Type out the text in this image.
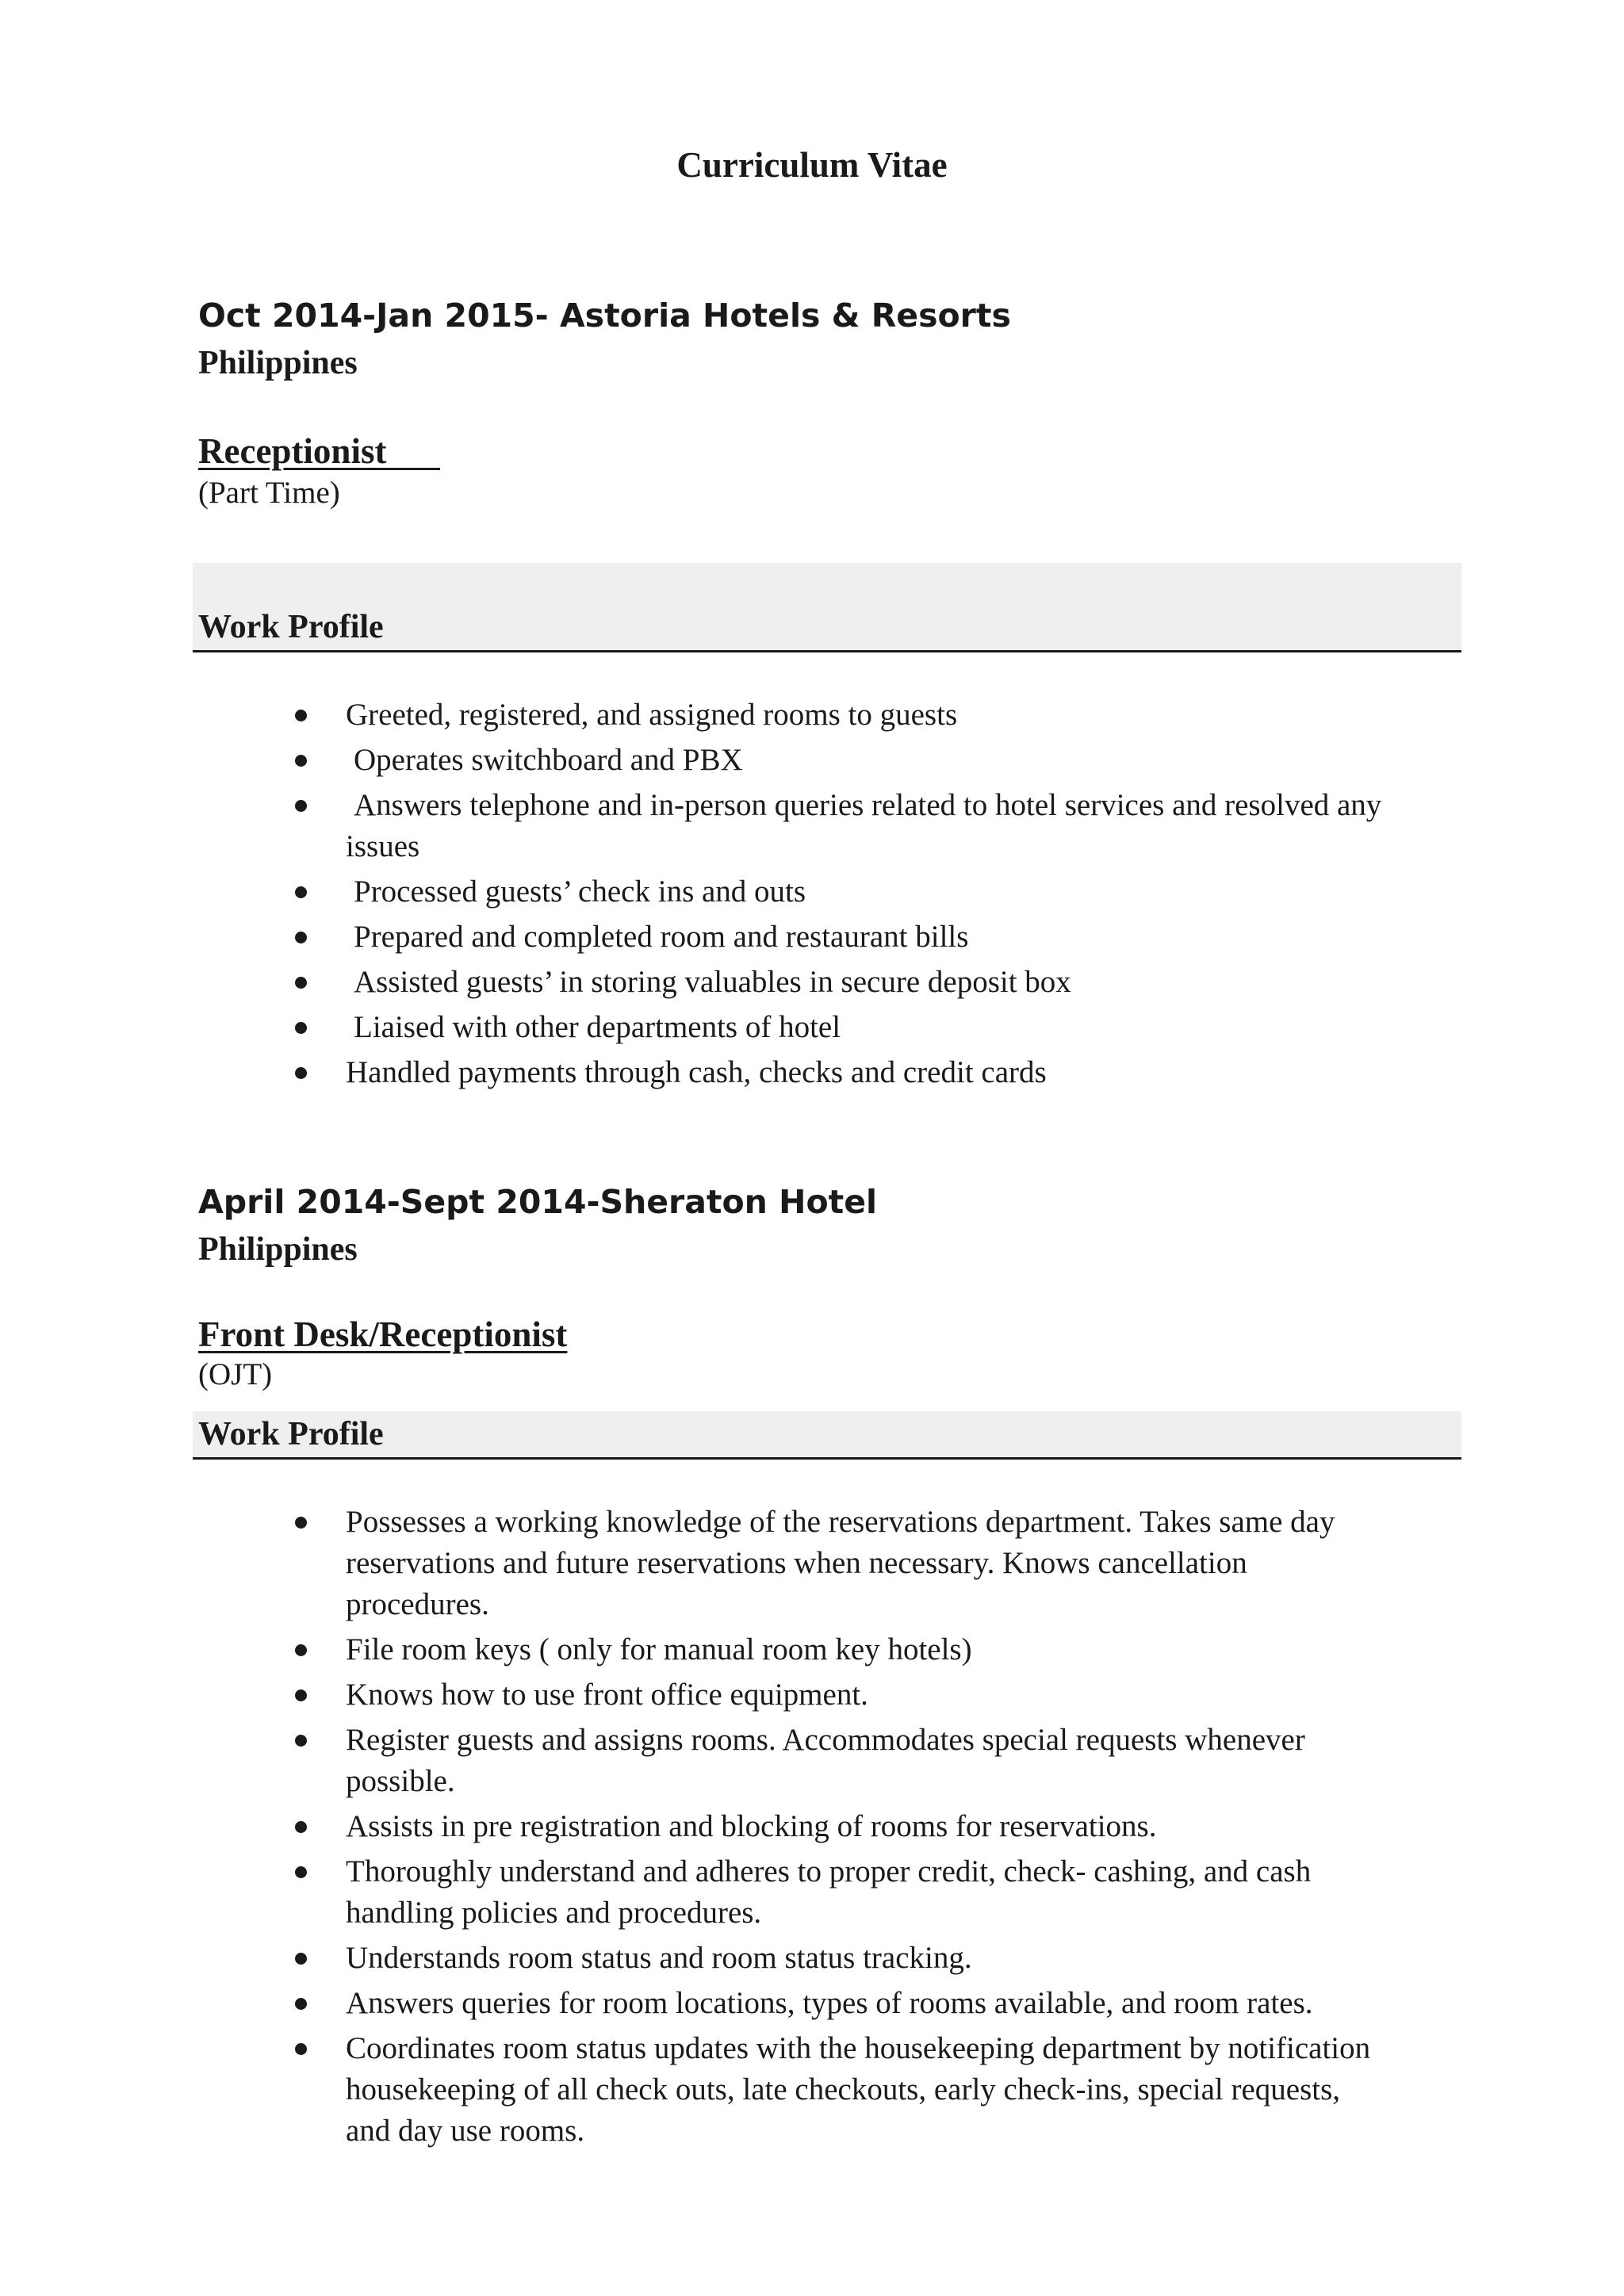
Curriculum Vitae
Oct 2014-Jan 2015- Astoria Hotels & Resorts
Philippines
Receptionist
(Part Time)
Work Profile
Greeted, registered, and assigned rooms to guests
Operates switchboard and PBX
Answers telephone and in-person queries related to hotel services and resolved any issues
Processed guests’ check ins and outs
Prepared and completed room and restaurant bills
Assisted guests’ in storing valuables in secure deposit box
Liaised with other departments of hotel
Handled payments through cash, checks and credit cards
April 2014-Sept 2014-Sheraton Hotel
Philippines
Front Desk/Receptionist
(OJT)
Work Profile
Possesses a working knowledge of the reservations department. Takes same day reservations and future reservations when necessary. Knows cancellation procedures.
File room keys ( only for manual room key hotels)
Knows how to use front office equipment.
Register guests and assigns rooms. Accommodates special requests whenever possible.
Assists in pre registration and blocking of rooms for reservations.
Thoroughly understand and adheres to proper credit, check- cashing, and cash handling policies and procedures.
Understands room status and room status tracking.
Answers queries for room locations, types of rooms available, and room rates.
Coordinates room status updates with the housekeeping department by notification housekeeping of all check outs, late checkouts, early check-ins, special requests, and day use rooms.
